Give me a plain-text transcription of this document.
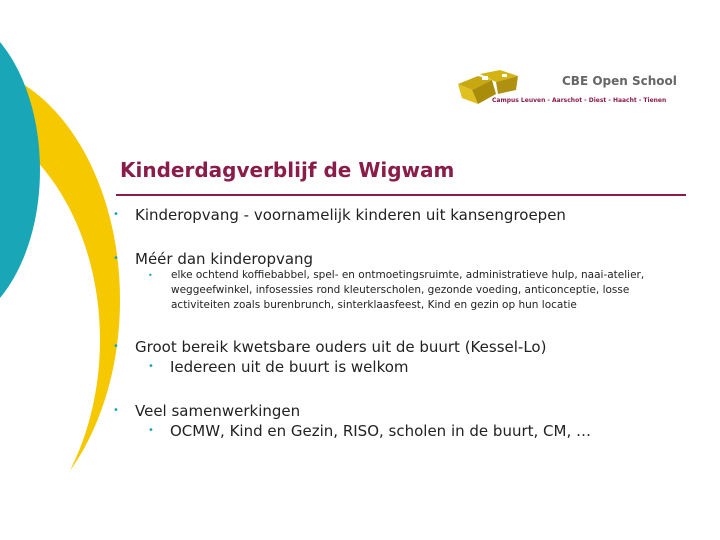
CBE Open School
Campus Leuven - Aarschot - Diest - Haacht - Tienen
Kinderdagverblijf de Wigwam
• Kinderopvang - voornamelijk kinderen uit kansengroepen
• Méér dan kinderopvang
• elke ochtend koffiebabbel, spel- en ontmoetingsruimte, administratieve hulp, naai-atelier, weggeefwinkel, infosessies rond kleuterscholen, gezonde voeding, anticonceptie, losse activiteiten zoals burenbrunch, sinterklaasfeest, Kind en gezin op hun locatie
• Groot bereik kwetsbare ouders uit de buurt (Kessel-Lo)
• Iedereen uit de buurt is welkom
• Veel samenwerkingen
• OCMW, Kind en Gezin, RISO, scholen in de buurt, CM, …
